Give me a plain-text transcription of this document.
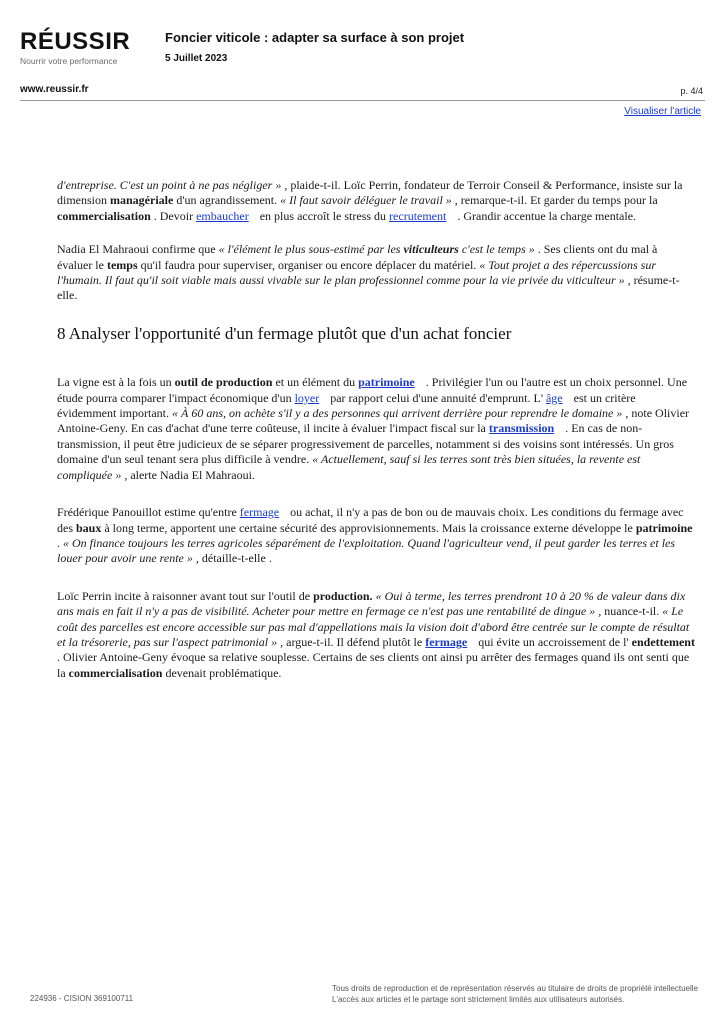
RÉUSSIR
Nourrir votre performance
Foncier viticole : adapter sa surface à son projet
5 Juillet 2023
www.reussir.fr	p. 4/4
Visualiser l'article

d'entreprise. C'est un point à ne pas négliger » , plaide-t-il. Loïc Perrin, fondateur de Terroir Conseil & Performance, insiste sur la dimension managériale d'un agrandissement. « Il faut savoir déléguer le travail » , remarque-t-il. Et garder du temps pour la commercialisation . Devoir embaucher en plus accroît le stress du recrutement . Grandir accentue la charge mentale.

Nadia El Mahraoui confirme que « l'élément le plus sous-estimé par les viticulteurs c'est le temps » . Ses clients ont du mal à évaluer le temps qu'il faudra pour superviser, organiser ou encore déplacer du matériel. « Tout projet a des répercussions sur l'humain. Il faut qu'il soit viable mais aussi vivable sur le plan professionnel comme pour la vie privée du viticulteur » , résume-t-elle.

8 Analyser l'opportunité d'un fermage plutôt que d'un achat foncier

La vigne est à la fois un outil de production et un élément du patrimoine . Privilégier l'un ou l'autre est un choix personnel. Une étude pourra comparer l'impact économique d'un loyer par rapport celui d'une annuité d'emprunt. L' âge est un critère évidemment important. « À 60 ans, on achète s'il y a des personnes qui arrivent derrière pour reprendre le domaine » , note Olivier Antoine-Geny. En cas d'achat d'une terre coûteuse, il incite à évaluer l'impact fiscal sur la transmission . En cas de non-transmission, il peut être judicieux de se séparer progressivement de parcelles, notamment si des voisins sont intéressés. Un gros domaine d'un seul tenant sera plus difficile à vendre. « Actuellement, sauf si les terres sont très bien situées, la revente est compliquée » , alerte Nadia El Mahraoui.

Frédérique Panouillot estime qu'entre fermage ou achat, il n'y a pas de bon ou de mauvais choix. Les conditions du fermage avec des baux à long terme, apportent une certaine sécurité des approvisionnements. Mais la croissance externe développe le patrimoine . « On finance toujours les terres agricoles séparément de l'exploitation. Quand l'agriculteur vend, il peut garder les terres et les louer pour avoir une rente » , détaille-t-elle .

Loïc Perrin incite à raisonner avant tout sur l'outil de production. « Oui à terme, les terres prendront 10 à 20 % de valeur dans dix ans mais en fait il n'y a pas de visibilité. Acheter pour mettre en fermage ce n'est pas une rentabilité de dingue » , nuance-t-il. « Le coût des parcelles est encore accessible sur pas mal d'appellations mais la vision doit d'abord être centrée sur le compte de résultat et la trésorerie, pas sur l'aspect patrimonial » , argue-t-il. Il défend plutôt le fermage qui évite un accroissement de l' endettement . Olivier Antoine-Geny évoque sa relative souplesse. Certains de ses clients ont ainsi pu arrêter des fermages quand ils ont senti que la commercialisation devenait problématique.

224936 - CISION 369100711
Tous droits de reproduction et de représentation réservés au titulaire de droits de propriété intellectuelle
L'accès aux articles et le partage sont strictement limités aux utilisateurs autorisés.
